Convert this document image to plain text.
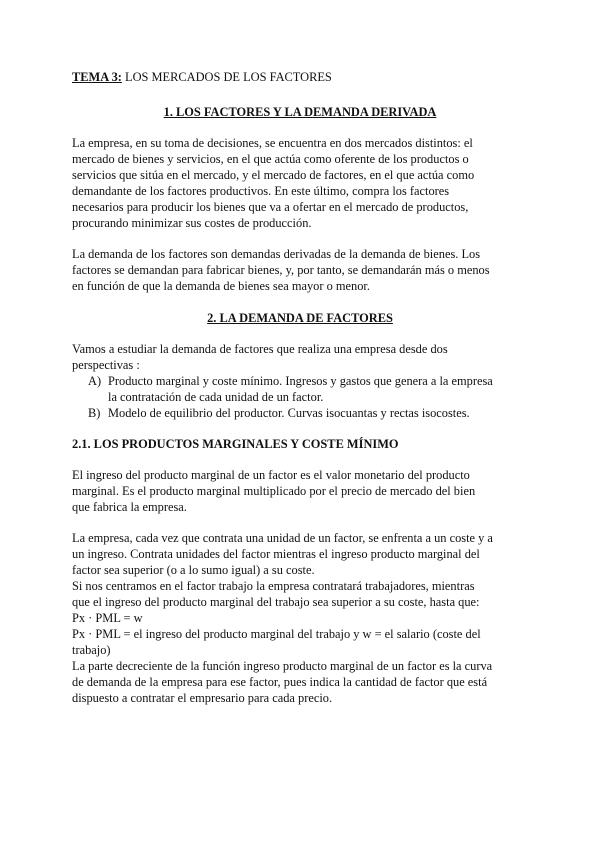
TEMA 3: LOS MERCADOS DE LOS FACTORES
1. LOS FACTORES Y LA DEMANDA DERIVADA
La empresa, en su toma de decisiones, se encuentra en dos mercados distintos: el
mercado de bienes y servicios, en el que actúa como oferente de los productos o
servicios que sitúa en el mercado, y el mercado de factores, en el que actúa como
demandante de los factores productivos. En este último, compra los factores
necesarios para producir los bienes que va a ofertar en el mercado de productos,
procurando minimizar sus costes de producción.
La demanda de los factores son demandas derivadas de la demanda de bienes. Los
factores se demandan para fabricar bienes, y, por tanto, se demandarán más o menos
en función de que la demanda de bienes sea mayor o menor.
2. LA DEMANDA DE FACTORES
Vamos a estudiar la demanda de factores que realiza una empresa desde dos
perspectivas :
A) Producto marginal y coste mínimo. Ingresos y gastos que genera a la empresa
la contratación de cada unidad de un factor.
B) Modelo de equilibrio del productor. Curvas isocuantas y rectas isocostes.
2.1. LOS PRODUCTOS MARGINALES Y COSTE MÍNIMO
El ingreso del producto marginal de un factor es el valor monetario del producto
marginal. Es el producto marginal multiplicado por el precio de mercado del bien
que fabrica la empresa.
La empresa, cada vez que contrata una unidad de un factor, se enfrenta a un coste y a
un ingreso. Contrata unidades del factor mientras el ingreso producto marginal del
factor sea superior (o a lo sumo igual) a su coste.
Si nos centramos en el factor trabajo la empresa contratará trabajadores, mientras
que el ingreso del producto marginal del trabajo sea superior a su coste, hasta que:
Px · PML = w
Px · PML = el ingreso del producto marginal del trabajo y w = el salario (coste del
trabajo)
La parte decreciente de la función ingreso producto marginal de un factor es la curva
de demanda de la empresa para ese factor, pues indica la cantidad de factor que está
dispuesto a contratar el empresario para cada precio.
